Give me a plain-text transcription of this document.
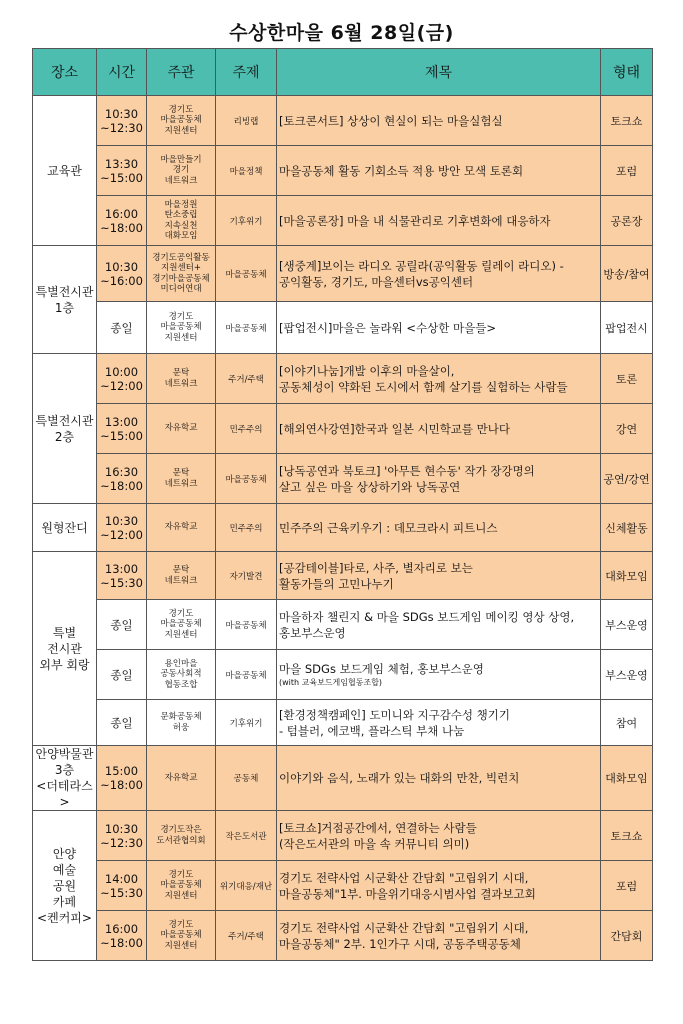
수상한마을 6월 28일(금)
장소	시간	주관	주제	제목	형태
교육관	10:30
~12:30	경기도
마을공동체
지원센터	리빙랩	[토크콘서트] 상상이 현실이 되는 마을실험실	토크쇼
	13:30
~15:00	마을만들기
경기
네트워크	마을정책	마을공동체 활동 기회소득 적용 방안 모색 토론회	포럼
	16:00
~18:00	마을정원
탄소중립
지속실천
대화모임	기후위기	[마을공론장] 마을 내 식물관리로 기후변화에 대응하자	공론장
특별전시관
1층	10:30
~16:00	경기도공익활동
지원센터+
경기마을공동체
미디어연대	마을공동체	[생중계]보이는 라디오 공릴라(공익활동 릴레이 라디오) -
공익활동, 경기도, 마을센터vs공익센터	방송/참여
	종일	경기도
마을공동체
지원센터	마을공동체	[팝업전시]마을은 놀라워 <수상한 마을들>	팝업전시
특별전시관
2층	10:00
~12:00	문탁
네트워크	주거/주택	[이야기나눔]개발 이후의 마을살이,
공동체성이 약화된 도시에서 함께 살기를 실험하는 사람들	토론
	13:00
~15:00	자유학교	민주주의	[해외연사강연]한국과 일본 시민학교를 만나다	강연
	16:30
~18:00	문탁
네트워크	마을공동체	[낭독공연과 북토크] '아무튼 현수동' 작가 장강명의
살고 싶은 마을 상상하기와 낭독공연	공연/강연
원형잔디	10:30
~12:00	자유학교	민주주의	민주주의 근육키우기 : 데모크라시 피트니스	신체활동
특별
전시관
외부 회랑	13:00
~15:30	문탁
네트워크	자기발견	[공감테이블]타로, 사주, 별자리로 보는
활동가들의 고민나누기	대화모임
	종일	경기도
마을공동체
지원센터	마을공동체	마을하자 챌린지 & 마을 SDGs 보드게임 메이킹 영상 상영,
홍보부스운영	부스운영
	종일	용인마을
공동사회적
협동조합	마을공동체	마을 SDGs 보드게임 체험, 홍보부스운영
(with 교육보드게임협동조합)	부스운영
	종일	문화공동체
허웅	기후위기	[환경정책캠페인] 도미니와 지구감수성 챙기기
- 텀블러, 에코백, 플라스틱 부채 나눔	참여
안양박물관
3층
<더테라스>	15:00
~18:00	자유학교	공동체	이야기와 음식, 노래가 있는 대화의 만찬, 빅런치	대화모임
안양
예술
공원
카페
<켄커피>	10:30
~12:30	경기도작은
도서관협의회	작은도서관	[토크쇼]거점공간에서, 연결하는 사람들
(작은도서관의 마을 속 커뮤니티 의미)	토크쇼
	14:00
~15:30	경기도
마을공동체
지원센터	위기대응/재난	경기도 전략사업 시군확산 간담회 "고립위기 시대,
마을공동체"1부. 마을위기대응시범사업 결과보고회	포럼
	16:00
~18:00	경기도
마을공동체
지원센터	주거/주택	경기도 전략사업 시군확산 간담회 "고립위기 시대,
마을공동체" 2부. 1인가구 시대, 공동주택공동체	간담회
